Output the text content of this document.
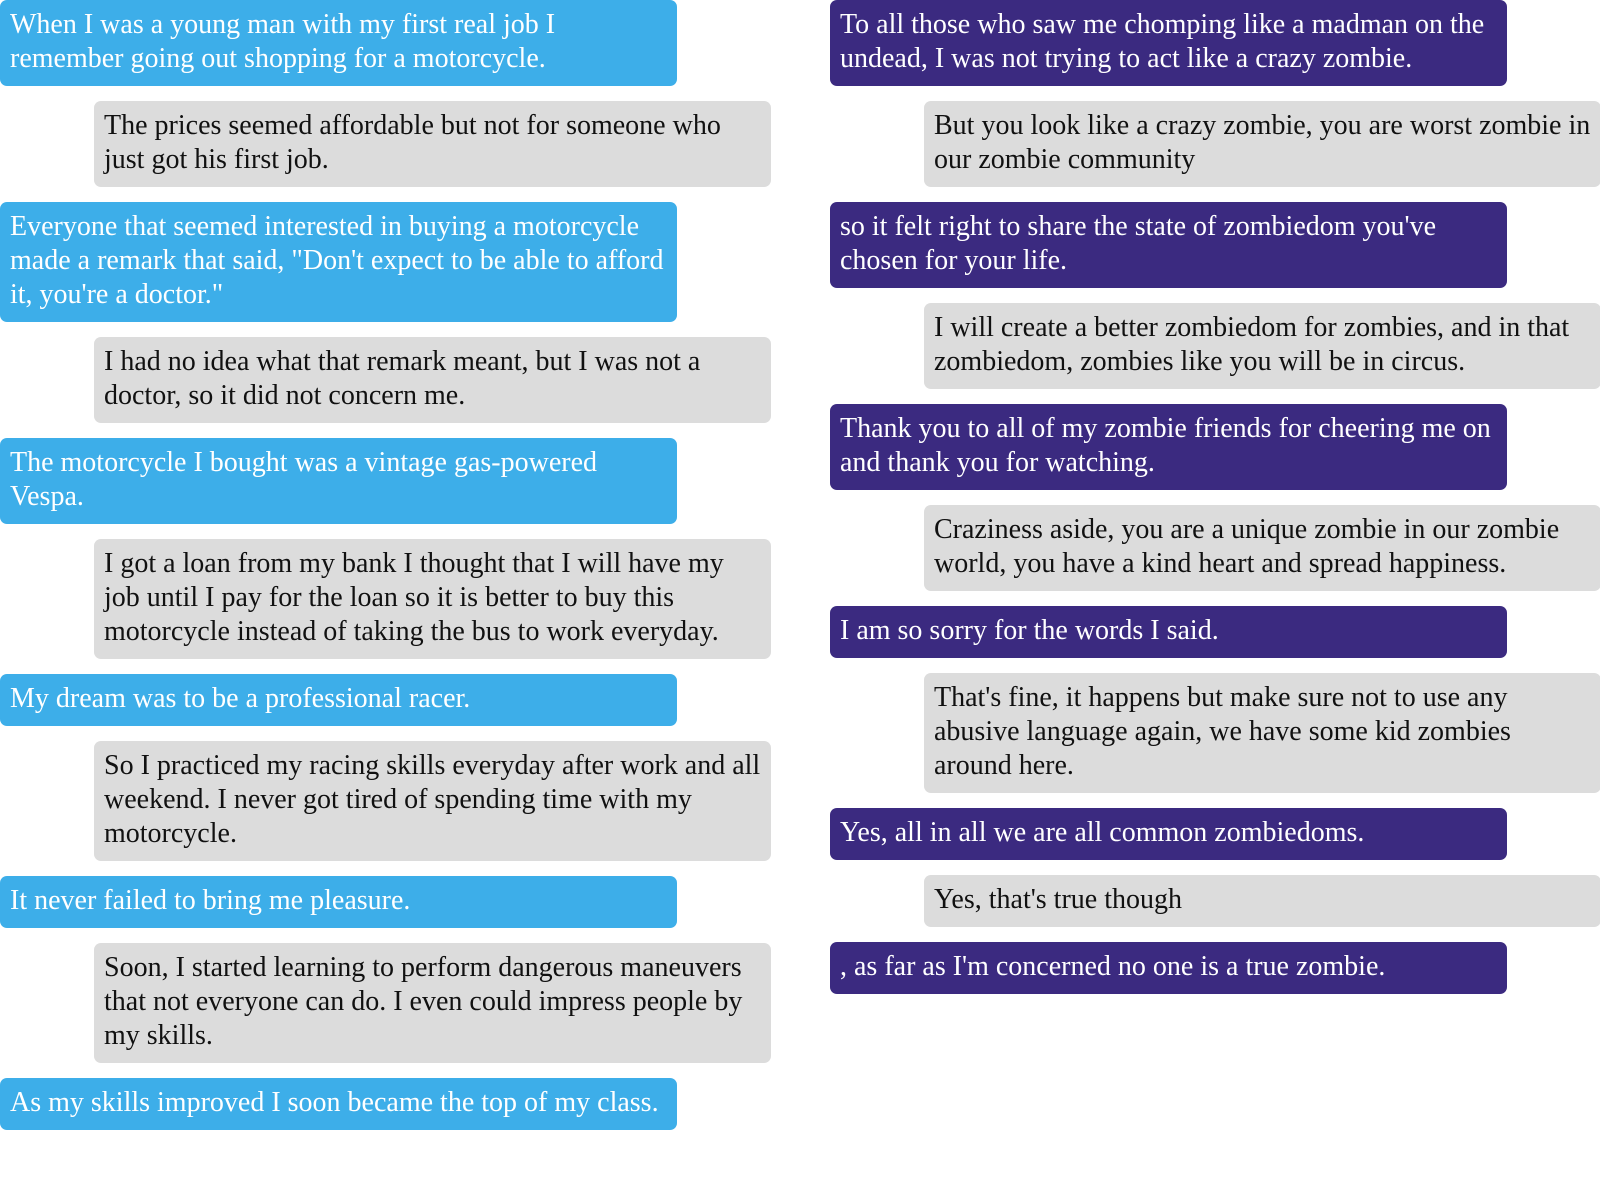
When I was a young man with my first real job I remember going out shopping for a motorcycle.
The prices seemed affordable but not for someone who just got his first job.
Everyone that seemed interested in buying a motorcycle made a remark that said, "Don't expect to be able to afford it, you're a doctor."
I had no idea what that remark meant, but I was not a doctor, so it did not concern me.
The motorcycle I bought was a vintage gas-powered Vespa.
I got a loan from my bank I thought that I will have my job until I pay for the loan so it is better to buy this motorcycle instead of taking the bus to work everyday.
My dream was to be a professional racer.
So I practiced my racing skills everyday after work and all weekend. I never got tired of spending time with my motorcycle.
It never failed to bring me pleasure.
Soon, I started learning to perform dangerous maneuvers that not everyone can do. I even could impress people by my skills.
As my skills improved I soon became the top of my class.
To all those who saw me chomping like a madman on the undead, I was not trying to act like a crazy zombie.
But you look like a crazy zombie, you are worst zombie in our zombie community
so it felt right to share the state of zombiedom you've chosen for your life.
I will create a better zombiedom for zombies, and in that zombiedom, zombies like you will be in circus.
Thank you to all of my zombie friends for cheering me on and thank you for watching.
Craziness aside, you are a unique zombie in our zombie world, you have a kind heart and spread happiness.
I am so sorry for the words I said.
That's fine, it happens but make sure not to use any abusive language again, we have some kid zombies around here.
Yes, all in all we are all common zombiedoms.
Yes, that's true though
, as far as I'm concerned no one is a true zombie.
